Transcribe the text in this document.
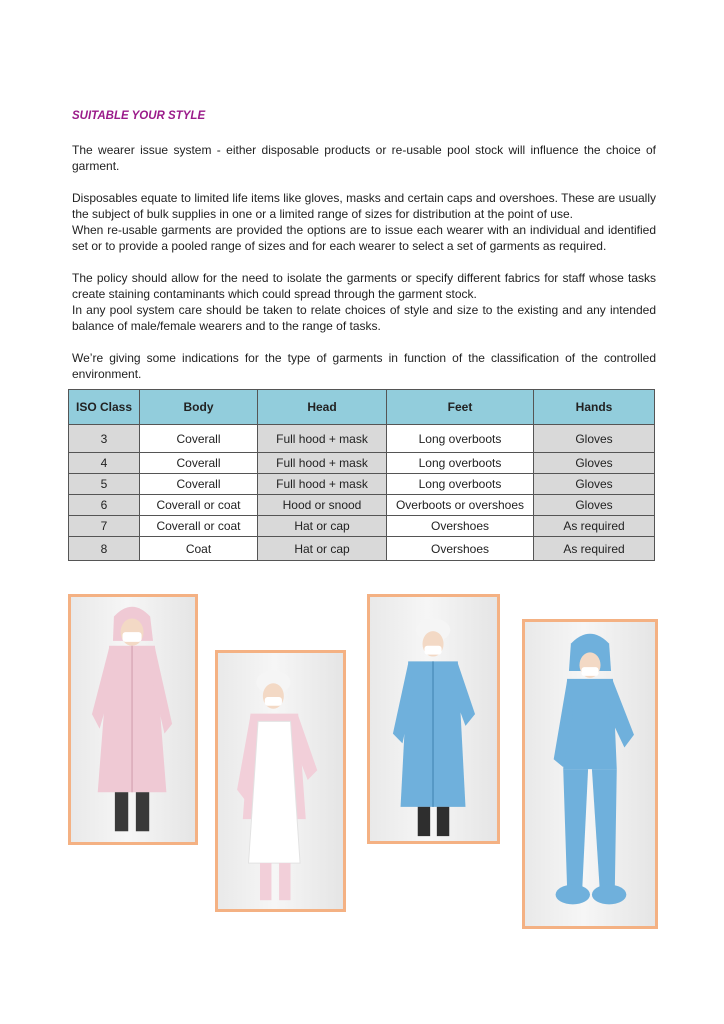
SUITABLE YOUR STYLE

The wearer issue system - either disposable products or re-usable pool stock will influence the choice of garment.

Disposables equate to limited life items like gloves, masks and certain caps and overshoes. These are usually the subject of bulk supplies in one or a limited range of sizes for distribution at the point of use.

When re-usable garments are provided the options are to issue each wearer with an individual and identified set or to provide a pooled range of sizes and for each wearer to select a set of garments as required.

The policy should allow for the need to isolate the garments or specify different fabrics for staff whose tasks create staining contaminants which could spread through the garment stock.

In any pool system care should be taken to relate choices of style and size to the existing and any intended balance of male/female wearers and to the range of tasks.

We’re giving some indications for the type of garments in function of the classification of the controlled environment.

ISO Class	Body	Head	Feet	Hands
3	Coverall	Full hood + mask	Long overboots	Gloves
4	Coverall	Full hood + mask	Long overboots	Gloves
5	Coverall	Full hood + mask	Long overboots	Gloves
6	Coverall or coat	Hood or snood	Overboots or overshoes	Gloves
7	Coverall or coat	Hat or cap	Overshoes	As required
8	Coat	Hat or cap	Overshoes	As required
